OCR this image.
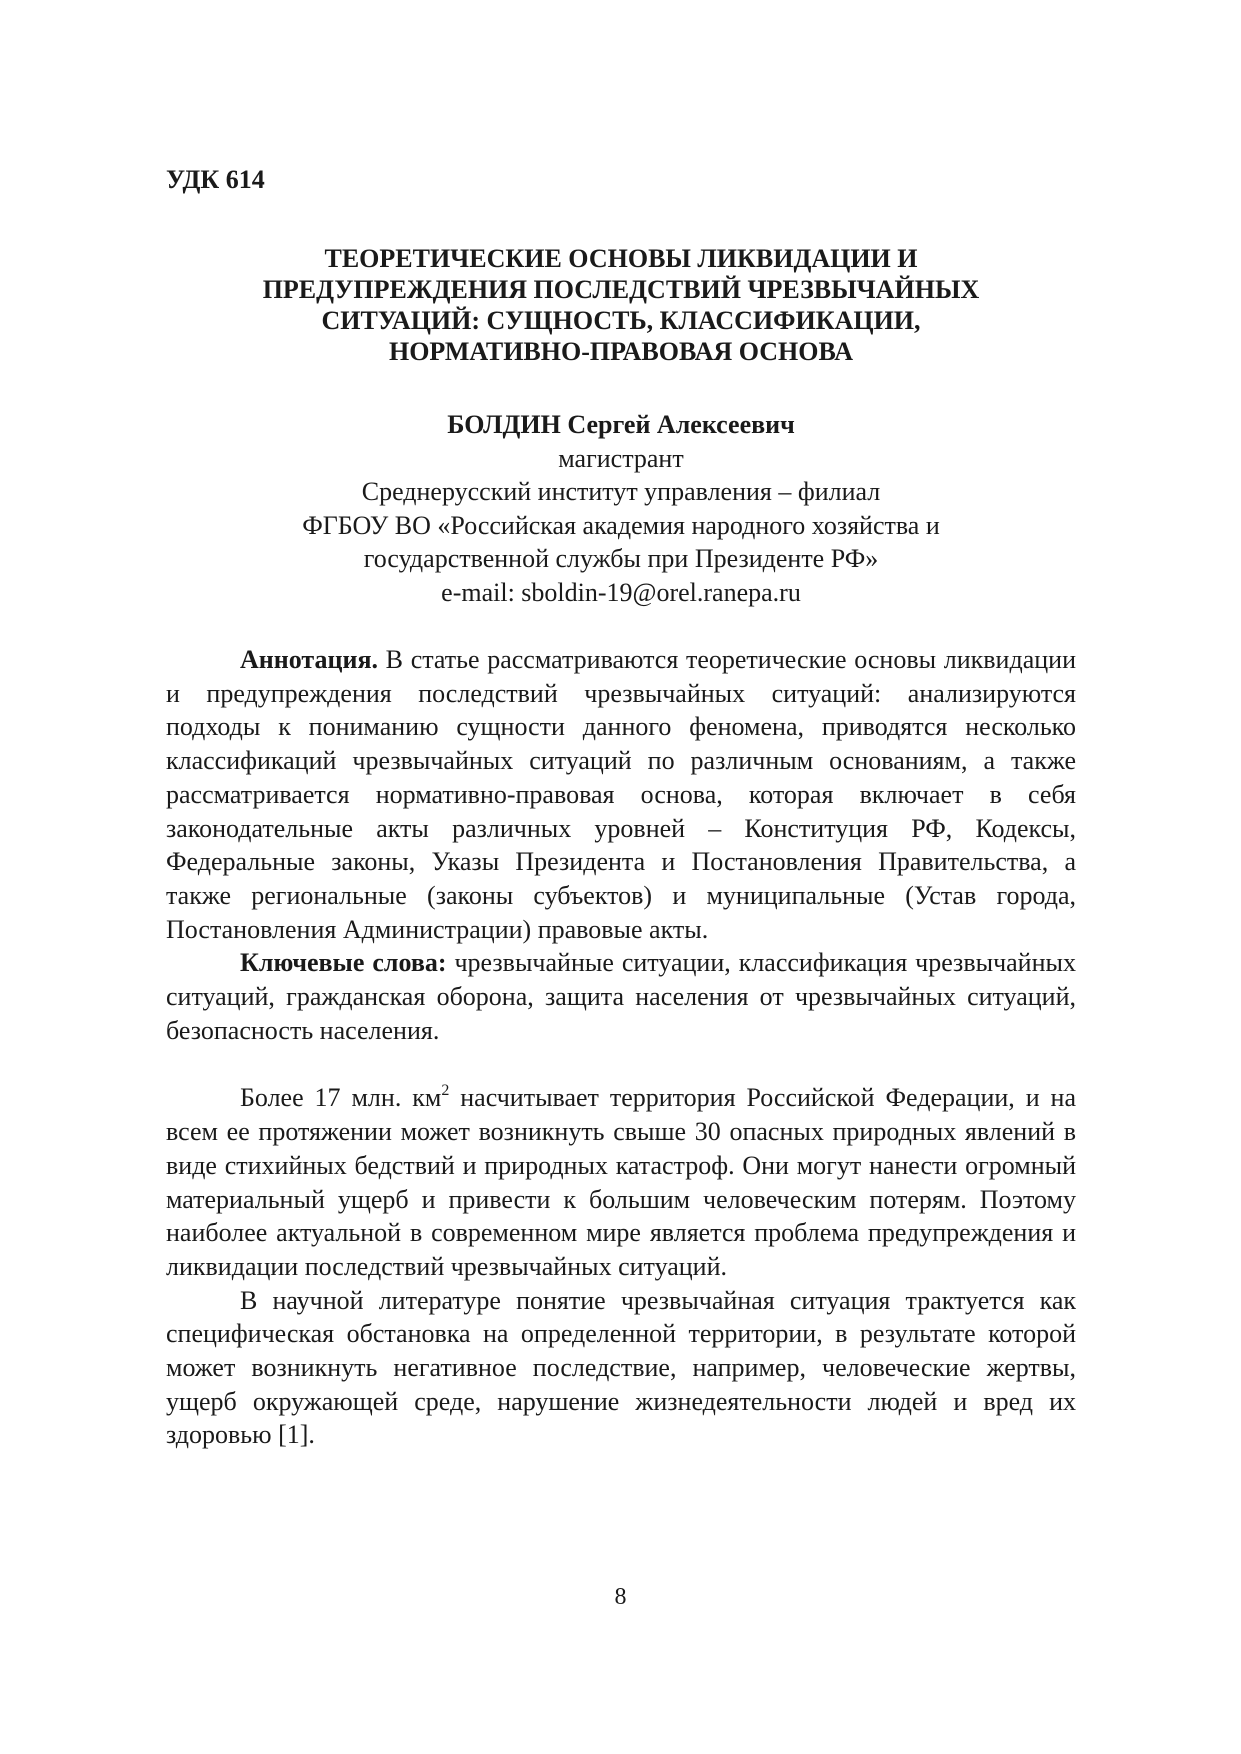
УДК 614

ТЕОРЕТИЧЕСКИЕ ОСНОВЫ ЛИКВИДАЦИИ И
ПРЕДУПРЕЖДЕНИЯ ПОСЛЕДСТВИЙ ЧРЕЗВЫЧАЙНЫХ
СИТУАЦИЙ: СУЩНОСТЬ, КЛАССИФИКАЦИИ,
НОРМАТИВНО-ПРАВОВАЯ ОСНОВА
БОЛДИН Сергей Алексеевич
магистрант
Среднерусский институт управления – филиал
ФГБОУ ВО «Российская академия народного хозяйства и
государственной службы при Президенте РФ»
e-mail: sboldin-19@orel.ranepa.ru

Аннотация. В статье рассматриваются теоретические основы ликвидации и предупреждения последствий чрезвычайных ситуаций: анализируются подходы к пониманию сущности данного феномена, приводятся несколько классификаций чрезвычайных ситуаций по различным основаниям, а также рассматривается нормативно-правовая основа, которая включает в себя законодательные акты различных уровней – Конституция РФ, Кодексы, Федеральные законы, Указы Президента и Постановления Правительства, а также региональные (законы субъектов) и муниципальные (Устав города, Постановления Администрации) правовые акты.

Ключевые слова: чрезвычайные ситуации, классификация чрезвычайных ситуаций, гражданская оборона, защита населения от чрезвычайных ситуаций, безопасность населения.

Более 17 млн. $км^2$ насчитывает территория Российской Федерации, и на всем ее протяжении может возникнуть свыше 30 опасных природных явлений в виде стихийных бедствий и природных катастроф. Они могут нанести огромный материальный ущерб и привести к большим человеческим потерям. Поэтому наиболее актуальной в современном мире является проблема предупреждения и ликвидации последствий чрезвычайных ситуаций.

В научной литературе понятие чрезвычайная ситуация трактуется как специфическая обстановка на определенной территории, в результате которой может возникнуть негативное последствие, например, человеческие жертвы, ущерб окружающей среде, нарушение жизнедеятельности людей и вред их здоровью [1].

8
